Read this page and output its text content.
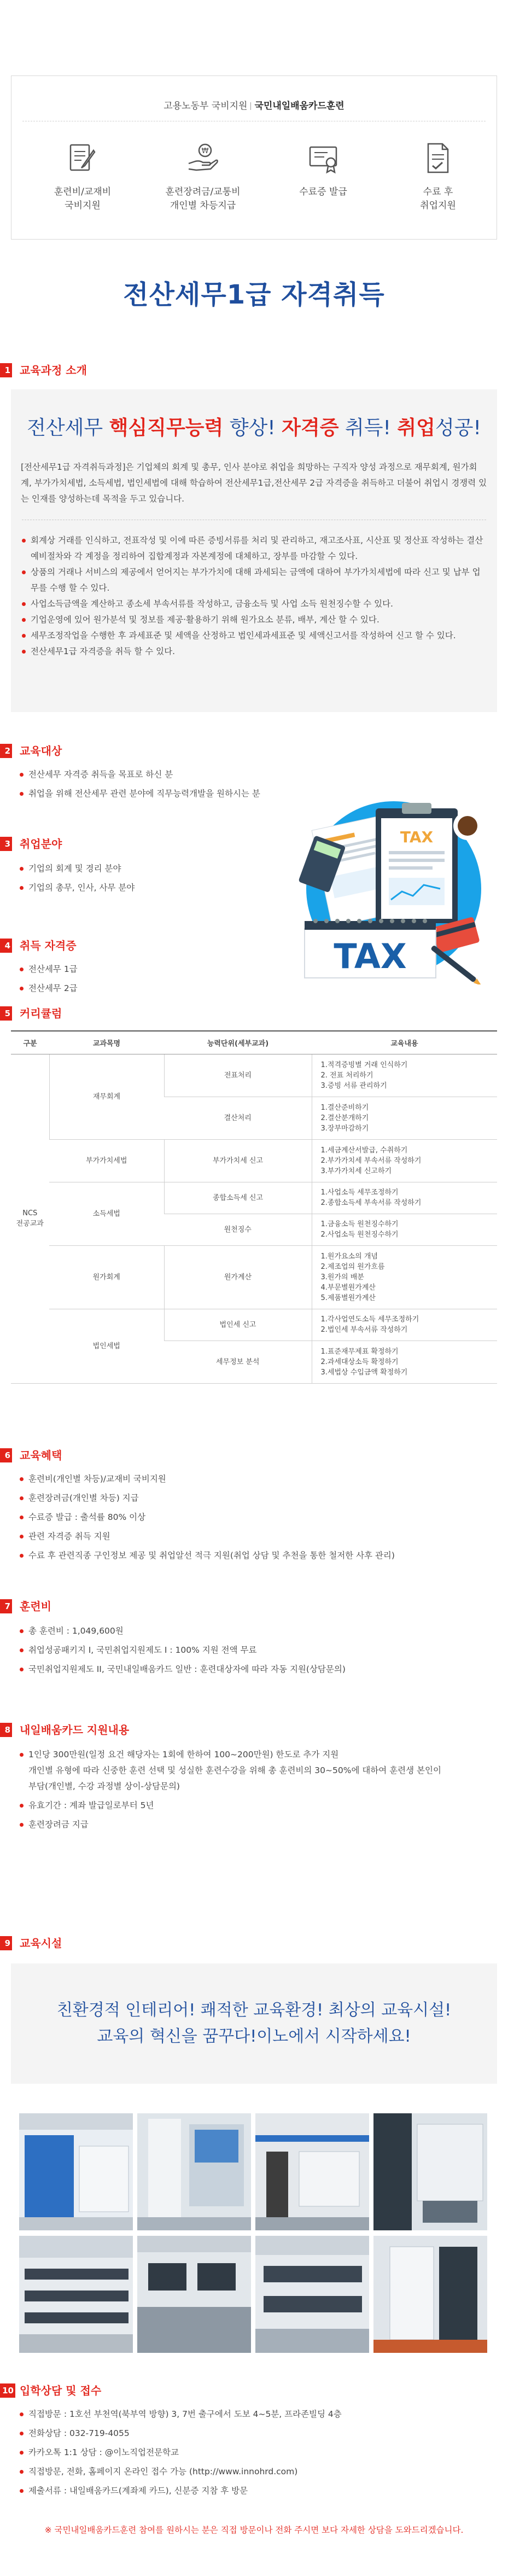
고용노동부 국비지원 국민내일배움카드훈련
훈련비/교재비
국비지원
₩
훈련장려금/교통비
개인별 차등지급
수료증 발급	수료 후
취업지원
전산세무1급 자격취득
1 교육과정 소개
전산세무 핵심직무능력 향상! 자격증 취득! 취업성공!
[전산세무1급 자격취득과정]은 기업체의 회계 및 총무, 인사 분야로 취업을 희망하는 구직자 양성 과정으로 재무회계, 원가회계, 부가가치세법, 소득세법, 법인세법에 대해 학습하여 전산세무1급,전산세무 2급 자격증을 취득하고 더불어 취업시 경쟁력 있는 인재를 양성하는데 목적을 두고 있습니다.
회계상 거래를 인식하고, 전표작성 및 이에 따른 증빙서류를 처리 및 관리하고, 재고조사표, 시산표 및 정산표 작성하는 결산예비절차와 각 계정을 정리하여 집합계정과 자본계정에 대체하고, 장부를 마감할 수 있다.
상품의 거래나 서비스의 제공에서 얻어지는 부가가치에 대해 과세되는 금액에 대하여 부가가치세법에 따라 신고 및 납부 업무를 수행 할 수 있다.
사업소득금액을 계산하고 종소세 부속서류를 작성하고, 금융소득 및 사업 소득 원천징수할 수 있다.
기업운영에 있어 원가분석 및 정보를 제공·활용하기 위해 원가요소 분류, 배부, 계산 할 수 있다.
세무조정작업을 수행한 후 과세표준 및 세액을 산정하고 법인세과세표준 및 세액신고서를 작성하여 신고 할 수 있다.
전산세무1급 자격증을 취득 할 수 있다.
2 교육대상
전산세무 자격증 취득을 목표로 하신 분
취업을 위해 전산세무 관련 분야에 직무능력개발을 원하시는 분
3 취업분야
기업의 회계 및 경리 분야
기업의 총무, 인사, 사무 분야
4 취득 자격증
전산세무 1급
전산세무 2급
TAX
TAX
5 커리큘럼
구분	교과목명	능력단위(세부교과)	교육내용
NCS
전공교과	재무회계	전표처리	1.적격증빙별 거래 인식하기
2. 전표 처리하기
3.증빙 서류 관리하기
		결산처리	1.결산준비하기
2.결산분개하기
3.장부마감하기
	부가가치세법	부가가치세 신고	1.세금계산서발급, 수취하기
2.부가가치세 부속서류 작성하기
3.부가가치세 신고하기
	소득세법	종합소득세 신고	1.사업소득 세무조정하기
2.종합소득세 부속서류 작성하기
		원천징수	1.금융소득 원천징수하기
2.사업소득 원천징수하기
	원가회계	원가계산	1.원가요소의 개념
2.제조업의 원가흐름
3.원가의 배분
4.부문별원가계산
5.제품별원가계산
	법인세법	법인세 신고	1.각사업연도소득 세무조정하기
2.법인세 부속서류 작성하기
		세무정보 분석	1.표준재무제표 확정하기
2.과세대상소득 확정하기
3.세법상 수입금액 확정하기
6 교육혜택
훈련비(개인별 차등)/교재비 국비지원
훈련장려금(개인별 차등) 지급
수료증 발급 : 출석률 80% 이상
관련 자격증 취득 지원
수료 후 관련직종 구인정보 제공 및 취업알선 적극 지원(취업 상담 및 추천을 통한 철저한 사후 관리)
7 훈련비
총 훈련비 : 1,049,600원
취업성공패키지 I, 국민취업지원제도 I : 100% 지원 전액 무료
국민취업지원제도 II, 국민내일배움카드 일반 : 훈련대상자에 따라 자동 지원(상담문의)
8 내일배움카드 지원내용
1인당 300만원(일정 요건 해당자는 1회에 한하여 100~200만원) 한도로 추가 지원
개인별 유형에 따라 신중한 훈련 선택 및 성실한 훈련수강을 위해 총 훈련비의 30~50%에 대하여 훈련생 본인이
부담(개인별, 수강 과정별 상이-상담문의)
유효기간 : 계좌 발급일로부터 5년
훈련장려금 지급
9 교육시설
친환경적 인테리어! 쾌적한 교육환경! 최상의 교육시설!
교육의 혁신을 꿈꾸다!이노에서 시작하세요!
10 입학상담 및 접수
직접방문 : 1호선 부천역(북부역 방향) 3, 7번 출구에서 도보 4~5분, 프라존빌딩 4층
전화상담 : 032-719-4055
카카오톡 1:1 상담 : @이노직업전문학교
직접방문, 전화, 홈페이지 온라인 접수 가능 (http://www.innohrd.com)
제출서류 : 내일배움카드(계좌제 카드), 신분증 지참 후 방문
※ 국민내일배움카드훈련 참여를 원하시는 분은 직접 방문이나 전화 주시면 보다 자세한 상담을 도와드리겠습니다.
